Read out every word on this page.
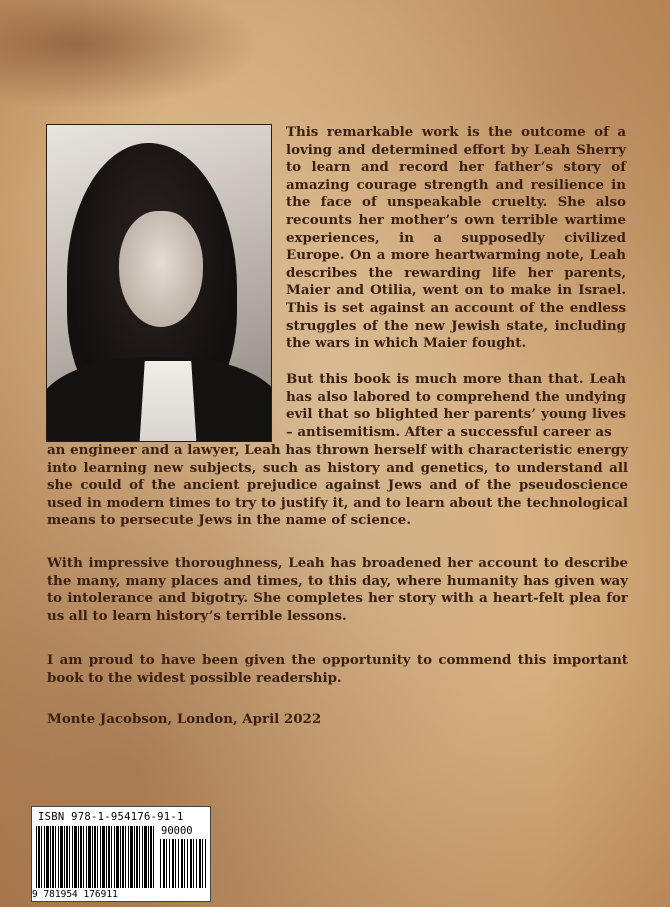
This remarkable work is the outcome of a loving and determined effort by Leah Sherry to learn and record her father’s story of amazing courage strength and resilience in the face of unspeakable cruelty. She also recounts her mother’s own terrible wartime experiences, in a supposedly civilized Europe. On a more heartwarming note, Leah describes the rewarding life her parents, Maier and Otilia, went on to make in Israel. This is set against an account of the endless struggles of the new Jewish state, including the wars in which Maier fought.
But this book is much more than that. Leah has also labored to comprehend the undying evil that so blighted her parents’ young lives – antisemitism. After a successful career as
an engineer and a lawyer, Leah has thrown herself with characteristic energy into learning new subjects, such as history and genetics, to understand all she could of the ancient prejudice against Jews and of the pseudoscience used in modern times to try to justify it, and to learn about the technological means to persecute Jews in the name of science.
With impressive thoroughness, Leah has broadened her account to describe the many, many places and times, to this day, where humanity has given way to intolerance and bigotry. She completes her story with a heart-felt plea for us all to learn history’s terrible lessons.
I am proud to have been given the opportunity to commend this important book to the widest possible readership.
Monte Jacobson, London, April 2022
ISBN 978-1-954176-91-1
90000
9 781954 176911
